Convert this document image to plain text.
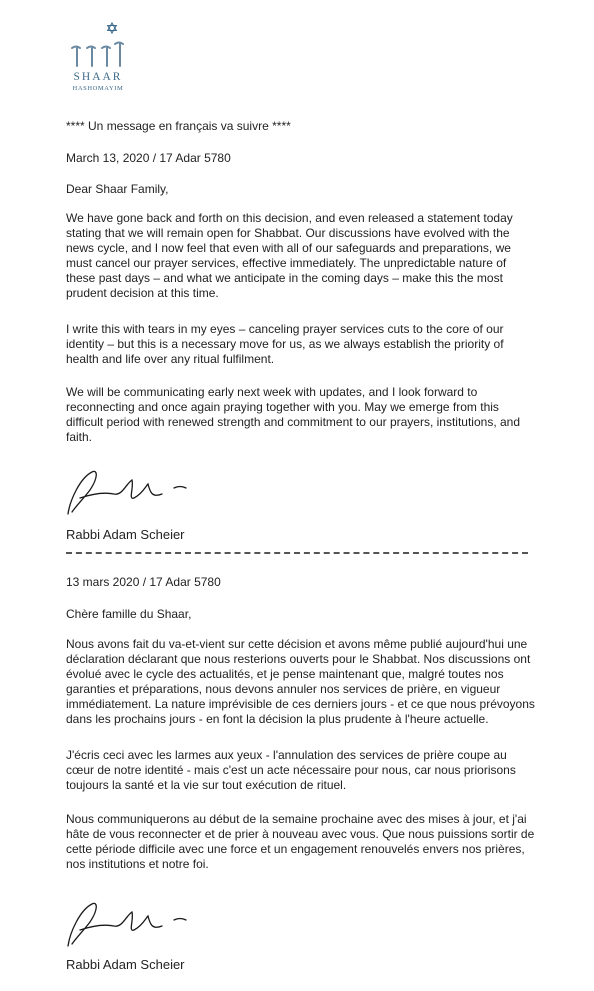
SHAAR
HASHOMAYIM

**** Un message en français va suivre ****

March 13, 2020 / 17 Adar 5780

Dear Shaar Family,

We have gone back and forth on this decision, and even released a statement today stating that we will remain open for Shabbat. Our discussions have evolved with the news cycle, and I now feel that even with all of our safeguards and preparations, we must cancel our prayer services, effective immediately. The unpredictable nature of these past days – and what we anticipate in the coming days – make this the most prudent decision at this time.

I write this with tears in my eyes – canceling prayer services cuts to the core of our identity – but this is a necessary move for us, as we always establish the priority of health and life over any ritual fulfilment.

We will be communicating early next week with updates, and I look forward to reconnecting and once again praying together with you. May we emerge from this difficult period with renewed strength and commitment to our prayers, institutions, and faith.

Rabbi Adam Scheier

13 mars 2020 / 17 Adar 5780

Chère famille du Shaar,

Nous avons fait du va-et-vient sur cette décision et avons même publié aujourd'hui une déclaration déclarant que nous resterions ouverts pour le Shabbat. Nos discussions ont évolué avec le cycle des actualités, et je pense maintenant que, malgré toutes nos garanties et préparations, nous devons annuler nos services de prière, en vigueur immédiatement. La nature imprévisible de ces derniers jours - et ce que nous prévoyons dans les prochains jours - en font la décision la plus prudente à l'heure actuelle.

J'écris ceci avec les larmes aux yeux - l'annulation des services de prière coupe au cœur de notre identité - mais c'est un acte nécessaire pour nous, car nous priorisons toujours la santé et la vie sur tout exécution de rituel.

Nous communiquerons au début de la semaine prochaine avec des mises à jour, et j'ai hâte de vous reconnecter et de prier à nouveau avec vous. Que nous puissions sortir de cette période difficile avec une force et un engagement renouvelés envers nos prières, nos institutions et notre foi.

Rabbi Adam Scheier
